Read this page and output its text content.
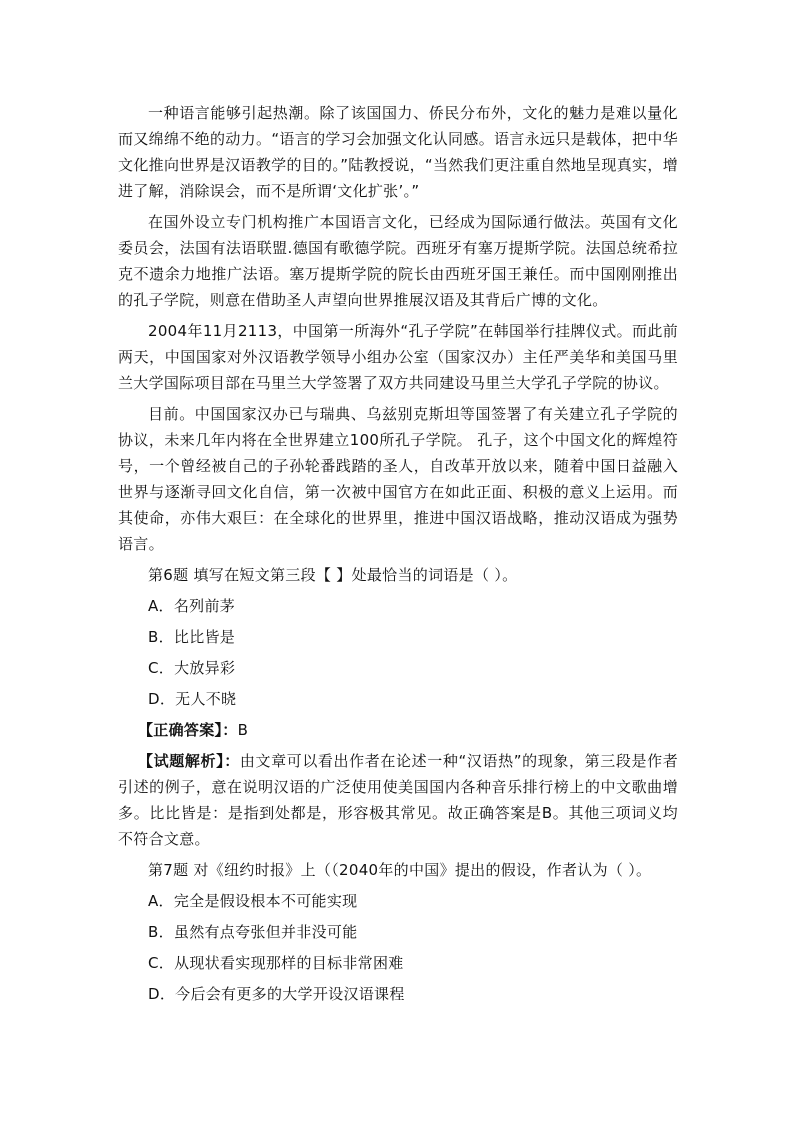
一种语言能够引起热潮。除了该国国力、侨民分布外，文化的魅力是难以量化而又绵绵不绝的动力。“语言的学习会加强文化认同感。语言永远只是载体，把中华文化推向世界是汉语教学的目的。”陆教授说，“当然我们更注重自然地呈现真实，增进了解，消除误会，而不是所谓‘文化扩张’。”

在国外设立专门机构推广本国语言文化，已经成为国际通行做法。英国有文化委员会，法国有法语联盟.德国有歌德学院。西班牙有塞万提斯学院。法国总统希拉克不遗余力地推广法语。塞万提斯学院的院长由西班牙国王兼任。而中国刚刚推出的孔子学院，则意在借助圣人声望向世界推展汉语及其背后广博的文化。

2004年11月2113，中国第一所海外“孔子学院”在韩国举行挂牌仪式。而此前两天，中国国家对外汉语教学领导小组办公室（国家汉办）主任严美华和美国马里兰大学国际项目部在马里兰大学签署了双方共同建设马里兰大学孔子学院的协议。

目前。中国国家汉办已与瑞典、乌兹别克斯坦等国签署了有关建立孔子学院的协议，未来几年内将在全世界建立100所孔子学院。 孔子，这个中国文化的辉煌符号，一个曾经被自己的子孙轮番践踏的圣人，自改革开放以来，随着中国日益融入世界与逐渐寻回文化自信，第一次被中国官方在如此正面、积极的意义上运用。而其使命，亦伟大艰巨：在全球化的世界里，推进中国汉语战略，推动汉语成为强势语言。

第6题 填写在短文第三段【 】处最恰当的词语是（ ）。

A．名列前茅

B．比比皆是

C．大放异彩

D．无人不晓

【正确答案】：B

【试题解析】：由文章可以看出作者在论述一种“汉语热”的现象，第三段是作者引述的例子，意在说明汉语的广泛使用使美国国内各种音乐排行榜上的中文歌曲增多。比比皆是：是指到处都是，形容极其常见。故正确答案是B。其他三项词义均不符合文意。

第7题 对《纽约时报》上（（2040年的中国》提出的假设，作者认为（ ）。

A．完全是假设根本不可能实现

B．虽然有点夸张但并非没可能

C．从现状看实现那样的目标非常困难

D．今后会有更多的大学开设汉语课程
